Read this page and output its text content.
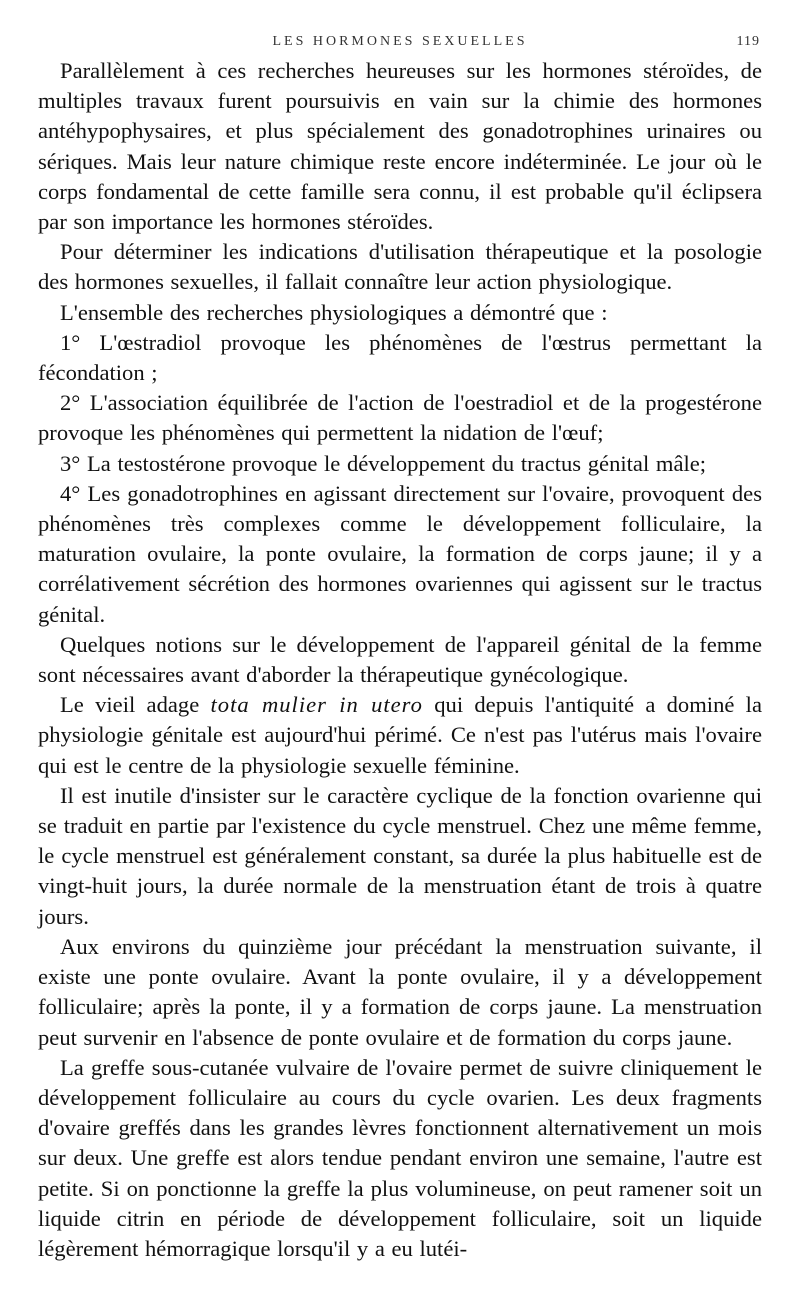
LES HORMONES SEXUELLES	119

Parallèlement à ces recherches heureuses sur les hormones stéroïdes, de multiples travaux furent poursuivis en vain sur la chimie des hormones antéhypophysaires, et plus spécialement des gonadotrophines urinaires ou sériques. Mais leur nature chimique reste encore indéterminée. Le jour où le corps fondamental de cette famille sera connu, il est probable qu'il éclipsera par son importance les hormones stéroïdes.

Pour déterminer les indications d'utilisation thérapeutique et la posologie des hormones sexuelles, il fallait connaître leur action physiologique.

L'ensemble des recherches physiologiques a démontré que :

1° L'œstradiol provoque les phénomènes de l'œstrus permettant la fécondation ;

2° L'association équilibrée de l'action de l'oestradiol et de la progestérone provoque les phénomènes qui permettent la nidation de l'œuf;

3° La testostérone provoque le développement du tractus génital mâle;

4° Les gonadotrophines en agissant directement sur l'ovaire, provoquent des phénomènes très complexes comme le développement folliculaire, la maturation ovulaire, la ponte ovulaire, la formation de corps jaune; il y a corrélativement sécrétion des hormones ovariennes qui agissent sur le tractus génital.

Quelques notions sur le développement de l'appareil génital de la femme sont nécessaires avant d'aborder la thérapeutique gynécologique.

Le vieil adage tota mulier in utero qui depuis l'antiquité a dominé la physiologie génitale est aujourd'hui périmé. Ce n'est pas l'utérus mais l'ovaire qui est le centre de la physiologie sexuelle féminine.

Il est inutile d'insister sur le caractère cyclique de la fonction ovarienne qui se traduit en partie par l'existence du cycle menstruel. Chez une même femme, le cycle menstruel est généralement constant, sa durée la plus habituelle est de vingt-huit jours, la durée normale de la menstruation étant de trois à quatre jours.

Aux environs du quinzième jour précédant la menstruation suivante, il existe une ponte ovulaire. Avant la ponte ovulaire, il y a développement folliculaire; après la ponte, il y a formation de corps jaune. La menstruation peut survenir en l'absence de ponte ovulaire et de formation du corps jaune.

La greffe sous-cutanée vulvaire de l'ovaire permet de suivre cliniquement le développement folliculaire au cours du cycle ovarien. Les deux fragments d'ovaire greffés dans les grandes lèvres fonctionnent alternativement un mois sur deux. Une greffe est alors tendue pendant environ une semaine, l'autre est petite. Si on ponctionne la greffe la plus volumineuse, on peut ramener soit un liquide citrin en période de développement folliculaire, soit un liquide légèrement hémorragique lorsqu'il y a eu lutéi-
